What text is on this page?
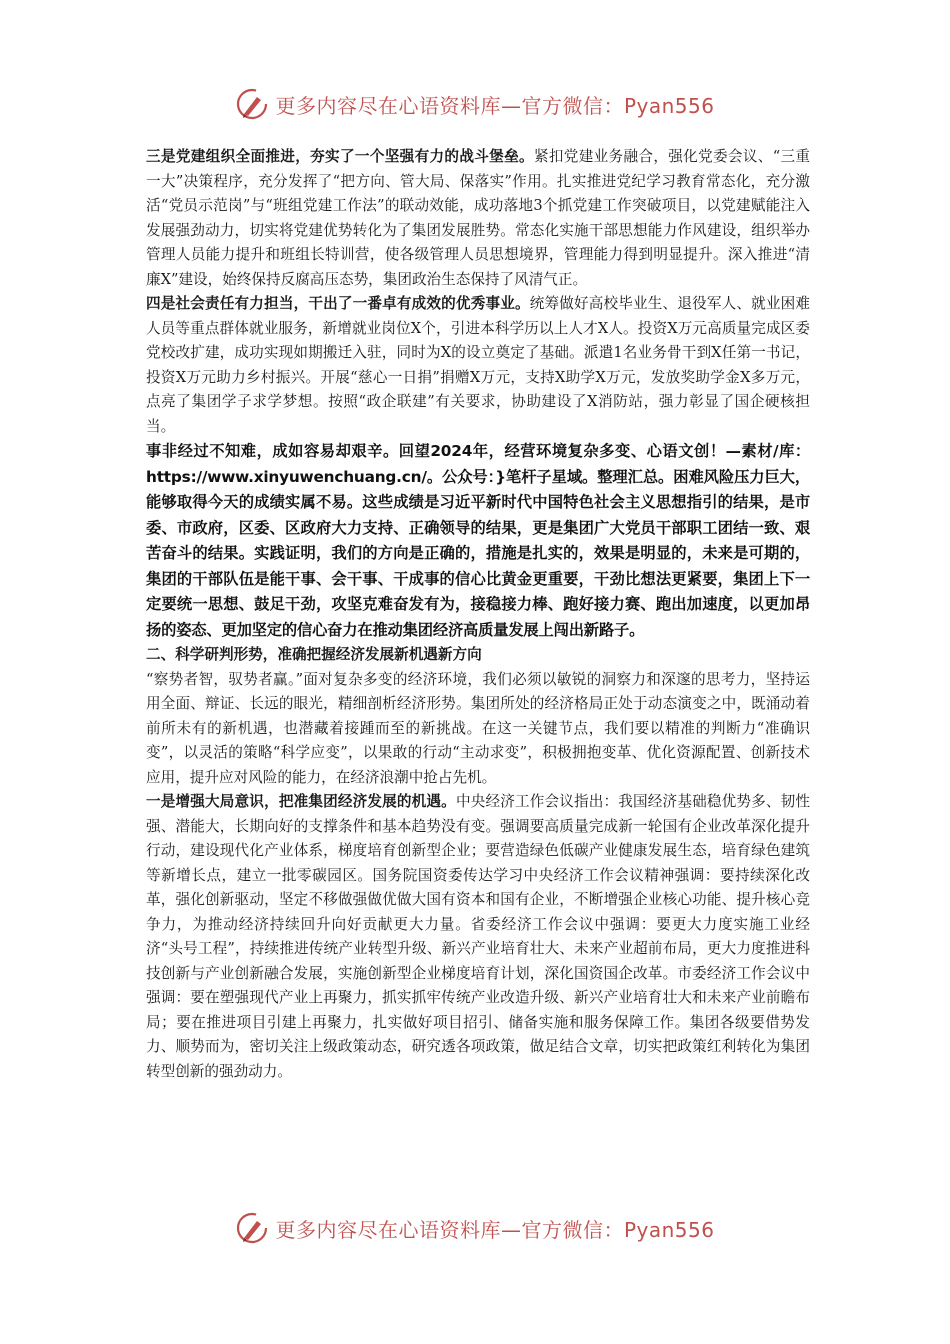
更多内容尽在心语资料库—官方微信：Pyan556

三是党建组织全面推进，夯实了一个坚强有力的战斗堡垒。紧扣党建业务融合，强化党委会议、“三重一大”决策程序，充分发挥了“把方向、管大局、保落实”作用。扎实推进党纪学习教育常态化，充分激活“党员示范岗”与“班组党建工作法”的联动效能，成功落地3个抓党建工作突破项目，以党建赋能注入发展强劲动力，切实将党建优势转化为了集团发展胜势。常态化实施干部思想能力作风建设，组织举办管理人员能力提升和班组长特训营，使各级管理人员思想境界，管理能力得到明显提升。深入推进“清廉X”建设，始终保持反腐高压态势，集团政治生态保持了风清气正。

四是社会责任有力担当，干出了一番卓有成效的优秀事业。统筹做好高校毕业生、退役军人、就业困难人员等重点群体就业服务，新增就业岗位X个，引进本科学历以上人才X人。投资X万元高质量完成区委党校改扩建，成功实现如期搬迁入驻，同时为X的设立奠定了基础。派遣1名业务骨干到X任第一书记，投资X万元助力乡村振兴。开展“慈心一日捐”捐赠X万元，支持X助学X万元，发放奖助学金X多万元，点亮了集团学子求学梦想。按照“政企联建”有关要求，协助建设了X消防站，强力彰显了国企硬核担当。

事非经过不知难，成如容易却艰辛。回望2024年，经营环境复杂多变、心语文创！—素材/库：https://www.xinyuwenchuang.cn/。公众号：}笔杆子星域。整理汇总。困难风险压力巨大，能够取得今天的成绩实属不易。这些成绩是习近平新时代中国特色社会主义思想指引的结果，是市委、市政府，区委、区政府大力支持、正确领导的结果，更是集团广大党员干部职工团结一致、艰苦奋斗的结果。实践证明，我们的方向是正确的，措施是扎实的，效果是明显的，未来是可期的，集团的干部队伍是能干事、会干事、干成事的信心比黄金更重要，干劲比想法更紧要，集团上下一定要统一思想、鼓足干劲，攻坚克难奋发有为，接稳接力棒、跑好接力赛、跑出加速度，以更加昂扬的姿态、更加坚定的信心奋力在推动集团经济高质量发展上闯出新路子。

二、科学研判形势，准确把握经济发展新机遇新方向

“察势者智，驭势者赢。”面对复杂多变的经济环境，我们必须以敏锐的洞察力和深邃的思考力，坚持运用全面、辩证、长远的眼光，精细剖析经济形势。集团所处的经济格局正处于动态演变之中，既涌动着前所未有的新机遇，也潜藏着接踵而至的新挑战。在这一关键节点，我们要以精准的判断力“准确识变”，以灵活的策略“科学应变”，以果敢的行动“主动求变”，积极拥抱变革、优化资源配置、创新技术应用，提升应对风险的能力，在经济浪潮中抢占先机。

一是增强大局意识，把准集团经济发展的机遇。中央经济工作会议指出：我国经济基础稳优势多、韧性强、潜能大，长期向好的支撑条件和基本趋势没有变。强调要高质量完成新一轮国有企业改革深化提升行动，建设现代化产业体系，梯度培育创新型企业；要营造绿色低碳产业健康发展生态，培育绿色建筑等新增长点，建立一批零碳园区。国务院国资委传达学习中央经济工作会议精神强调：要持续深化改革，强化创新驱动，坚定不移做强做优做大国有资本和国有企业，不断增强企业核心功能、提升核心竞争力，为推动经济持续回升向好贡献更大力量。省委经济工作会议中强调：要更大力度实施工业经济“头号工程”，持续推进传统产业转型升级、新兴产业培育壮大、未来产业超前布局，更大力度推进科技创新与产业创新融合发展，实施创新型企业梯度培育计划，深化国资国企改革。市委经济工作会议中强调：要在塑强现代产业上再聚力，抓实抓牢传统产业改造升级、新兴产业培育壮大和未来产业前瞻布局；要在推进项目引建上再聚力，扎实做好项目招引、储备实施和服务保障工作。集团各级要借势发力、顺势而为，密切关注上级政策动态，研究透各项政策，做足结合文章，切实把政策红利转化为集团转型创新的强劲动力。

更多内容尽在心语资料库—官方微信：Pyan556
